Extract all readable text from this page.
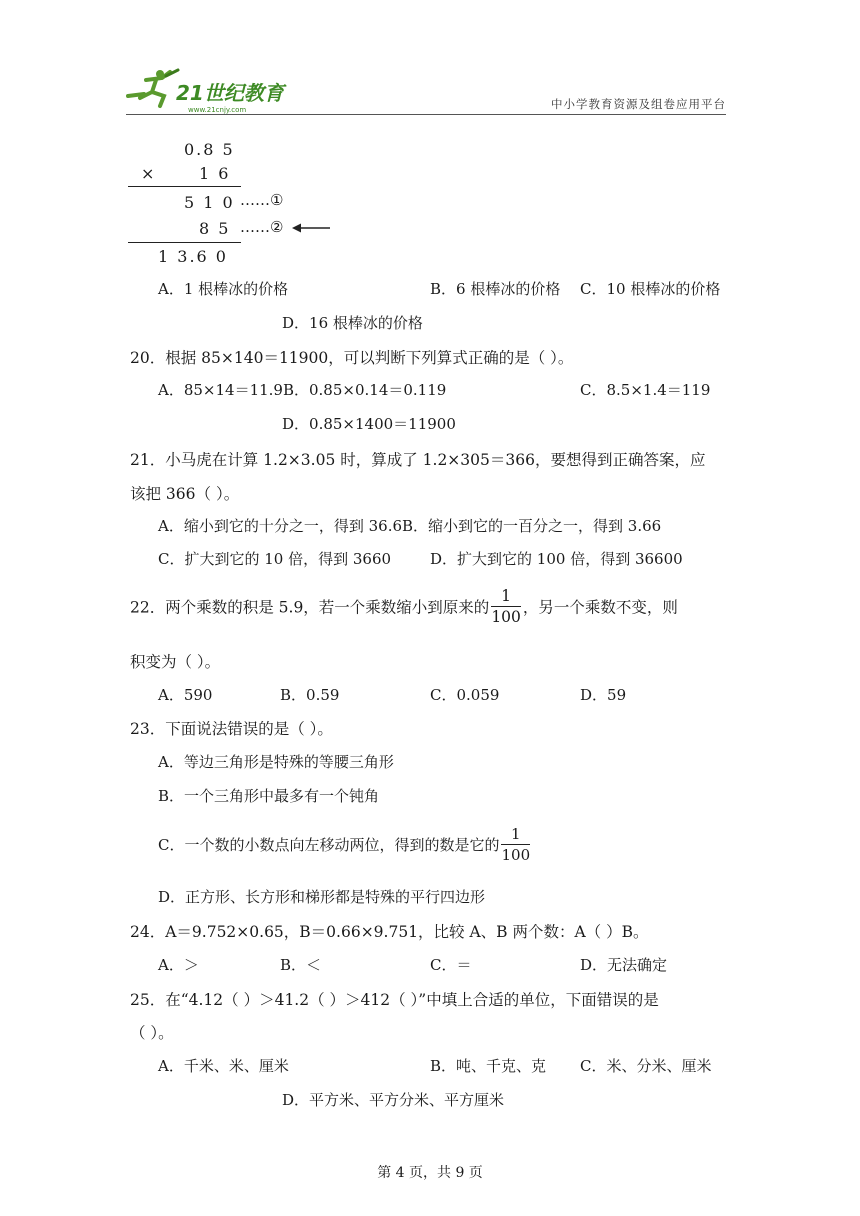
21世纪教育
www.21cnjy.com	中小学教育资源及组卷应用平台
0.8 5
×	1 6
5 1 0 ……①
8 5 ……②
1 3.6 0
A．1 根棒冰的价格	B．6 根棒冰的价格 C．10 根棒冰的价格
D．16 根棒冰的价格
20．根据 85×140＝11900，可以判断下列算式正确的是（ ）。
A．85×14＝11.9B．0.85×0.14＝0.119	C．8.5×1.4＝119
D．0.85×1400＝11900
21．小马虎在计算 1.2×3.05 时，算成了 1.2×305＝366，要想得到正确答案，应
该把 366（ ）。
A．缩小到它的十分之一，得到 36.6B．缩小到它的一百分之一，得到 3.66
C．扩大到它的 10 倍，得到 3660	D．扩大到它的 100 倍，得到 36600
22．两个乘数的积是 5.9，若一个乘数缩小到原来的 $\frac{1}{100}$ ，另一个乘数不变，则
积变为（ ）。
A．590	B．0.59	C．0.059	D．59
23．下面说法错误的是（ ）。
A．等边三角形是特殊的等腰三角形
B．一个三角形中最多有一个钝角
C．一个数的小数点向左移动两位，得到的数是它的 $\frac{1}{100}$
D．正方形、长方形和梯形都是特殊的平行四边形
24．A＝9.752×0.65，B＝0.66×9.751，比较 A、B 两个数：A（ ）B。
A．＞	B．＜	C．＝	D．无法确定
25．在“4.12（ ）＞41.2（ ）＞412（ ）”中填上合适的单位，下面错误的是
（ ）。
A．千米、米、厘米	B．吨、千克、克 C．米、分米、厘米
D．平方米、平方分米、平方厘米
第 4 页，共 9 页
